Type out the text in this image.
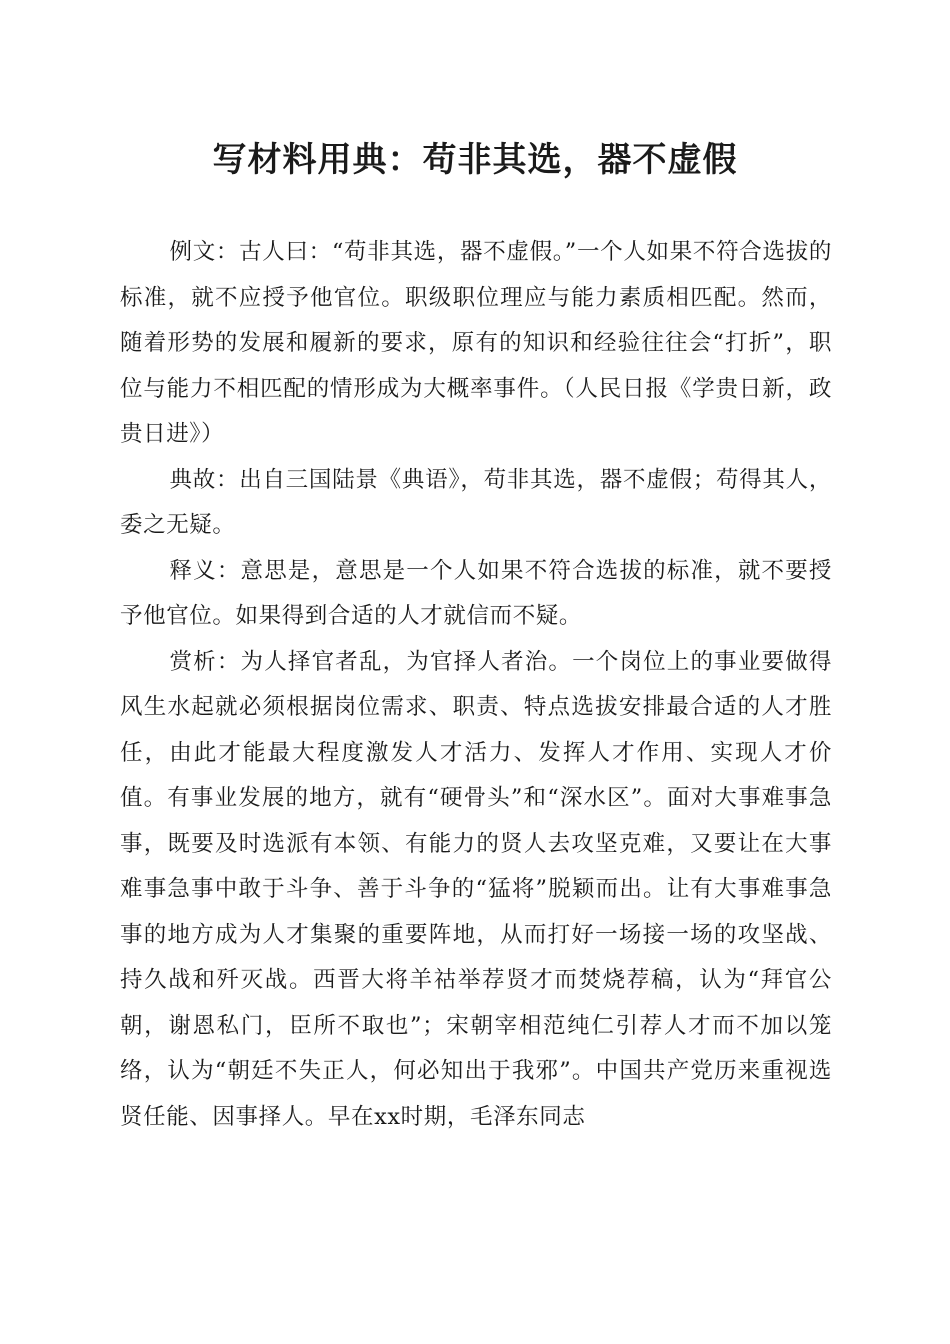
写材料用典：苟非其选，器不虚假

例文：古人曰：“苟非其选，器不虚假。”一个人如果不符合选拔的标准，就不应授予他官位。职级职位理应与能力素质相匹配。然而，随着形势的发展和履新的要求，原有的知识和经验往往会“打折”，职位与能力不相匹配的情形成为大概率事件。（人民日报《学贵日新，政贵日进》）

典故：出自三国陆景《典语》，苟非其选，器不虚假；苟得其人，委之无疑。

释义：意思是，意思是一个人如果不符合选拔的标准，就不要授予他官位。如果得到合适的人才就信而不疑。

赏析：为人择官者乱，为官择人者治。一个岗位上的事业要做得风生水起就必须根据岗位需求、职责、特点选拔安排最合适的人才胜任，由此才能最大程度激发人才活力、发挥人才作用、实现人才价值。有事业发展的地方，就有“硬骨头”和“深水区”。面对大事难事急事，既要及时选派有本领、有能力的贤人去攻坚克难，又要让在大事难事急事中敢于斗争、善于斗争的“猛将”脱颖而出。让有大事难事急事的地方成为人才集聚的重要阵地，从而打好一场接一场的攻坚战、持久战和歼灭战。西晋大将羊祜举荐贤才而焚烧荐稿，认为“拜官公朝，谢恩私门，臣所不取也”；宋朝宰相范纯仁引荐人才而不加以笼络，认为“朝廷不失正人，何必知出于我邪”。中国共产党历来重视选贤任能、因事择人。早在xx时期，毛泽东同志
